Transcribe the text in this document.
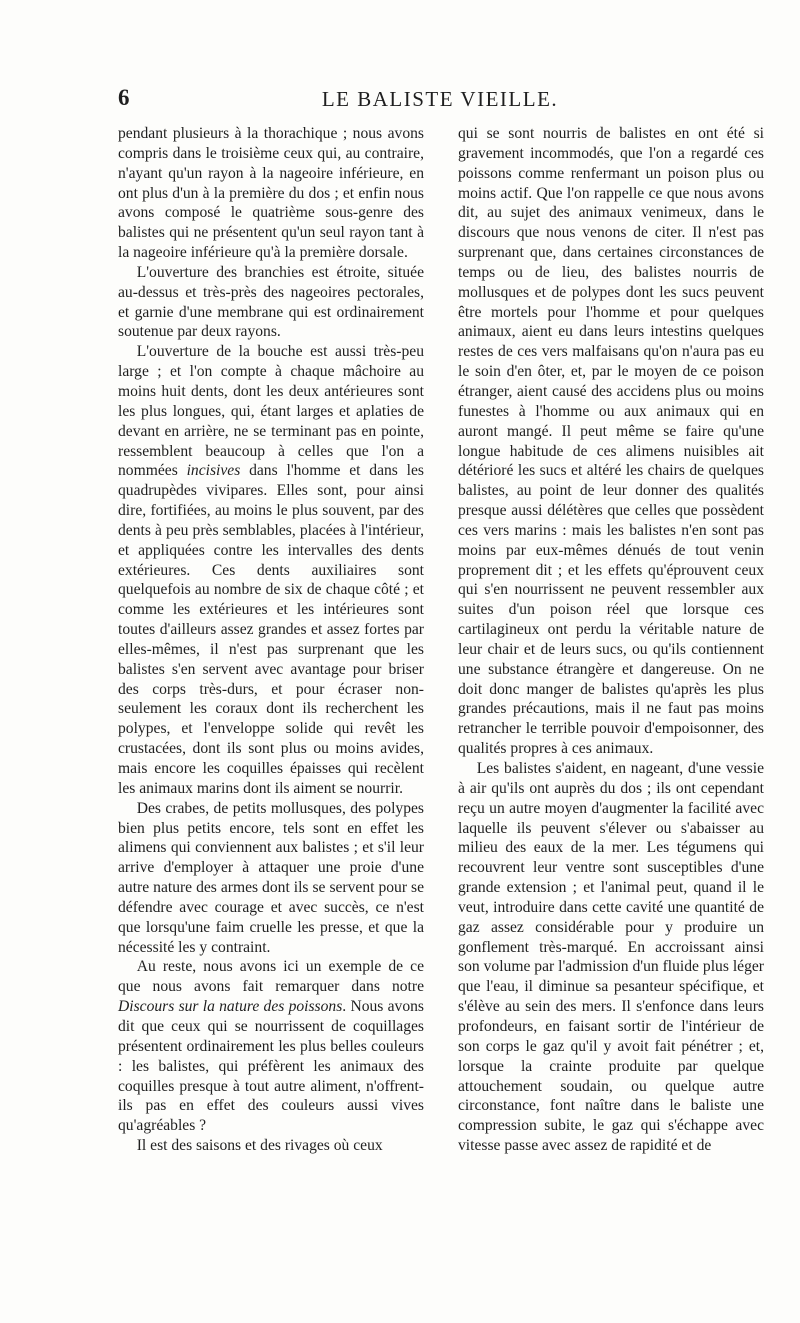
6	LE BALISTE VIEILLE.

pendant plusieurs à la thorachique ; nous avons compris dans le troisième ceux qui, au contraire, n'ayant qu'un rayon à la nageoire inférieure, en ont plus d'un à la première du dos ; et enfin nous avons composé le quatrième sous-genre des balistes qui ne présentent qu'un seul rayon tant à la nageoire inférieure qu'à la première dorsale.

L'ouverture des branchies est étroite, située au-dessus et très-près des nageoires pectorales, et garnie d'une membrane qui est ordinairement soutenue par deux rayons.

L'ouverture de la bouche est aussi très-peu large ; et l'on compte à chaque mâchoire au moins huit dents, dont les deux antérieures sont les plus longues, qui, étant larges et aplaties de devant en arrière, ne se terminant pas en pointe, ressemblent beaucoup à celles que l'on a nommées incisives dans l'homme et dans les quadrupèdes vivipares. Elles sont, pour ainsi dire, fortifiées, au moins le plus souvent, par des dents à peu près semblables, placées à l'intérieur, et appliquées contre les intervalles des dents extérieures. Ces dents auxiliaires sont quelquefois au nombre de six de chaque côté ; et comme les extérieures et les intérieures sont toutes d'ailleurs assez grandes et assez fortes par elles-mêmes, il n'est pas surprenant que les balistes s'en servent avec avantage pour briser des corps très-durs, et pour écraser non-seulement les coraux dont ils recherchent les polypes, et l'enveloppe solide qui revêt les crustacées, dont ils sont plus ou moins avides, mais encore les coquilles épaisses qui recèlent les animaux marins dont ils aiment se nourrir.

Des crabes, de petits mollusques, des polypes bien plus petits encore, tels sont en effet les alimens qui conviennent aux balistes ; et s'il leur arrive d'employer à attaquer une proie d'une autre nature des armes dont ils se servent pour se défendre avec courage et avec succès, ce n'est que lorsqu'une faim cruelle les presse, et que la nécessité les y contraint.

Au reste, nous avons ici un exemple de ce que nous avons fait remarquer dans notre Discours sur la nature des poissons. Nous avons dit que ceux qui se nourrissent de coquillages présentent ordinairement les plus belles couleurs : les balistes, qui préfèrent les animaux des coquilles presque à tout autre aliment, n'offrent-ils pas en effet des couleurs aussi vives qu'agréables ?

Il est des saisons et des rivages où ceux

qui se sont nourris de balistes en ont été si gravement incommodés, que l'on a regardé ces poissons comme renfermant un poison plus ou moins actif. Que l'on rappelle ce que nous avons dit, au sujet des animaux venimeux, dans le discours que nous venons de citer. Il n'est pas surprenant que, dans certaines circonstances de temps ou de lieu, des balistes nourris de mollusques et de polypes dont les sucs peuvent être mortels pour l'homme et pour quelques animaux, aient eu dans leurs intestins quelques restes de ces vers malfaisans qu'on n'aura pas eu le soin d'en ôter, et, par le moyen de ce poison étranger, aient causé des accidens plus ou moins funestes à l'homme ou aux animaux qui en auront mangé. Il peut même se faire qu'une longue habitude de ces alimens nuisibles ait détérioré les sucs et altéré les chairs de quelques balistes, au point de leur donner des qualités presque aussi délétères que celles que possèdent ces vers marins : mais les balistes n'en sont pas moins par eux-mêmes dénués de tout venin proprement dit ; et les effets qu'éprouvent ceux qui s'en nourrissent ne peuvent ressembler aux suites d'un poison réel que lorsque ces cartilagineux ont perdu la véritable nature de leur chair et de leurs sucs, ou qu'ils contiennent une substance étrangère et dangereuse. On ne doit donc manger de balistes qu'après les plus grandes précautions, mais il ne faut pas moins retrancher le terrible pouvoir d'empoisonner, des qualités propres à ces animaux.

Les balistes s'aident, en nageant, d'une vessie à air qu'ils ont auprès du dos ; ils ont cependant reçu un autre moyen d'augmenter la facilité avec laquelle ils peuvent s'élever ou s'abaisser au milieu des eaux de la mer. Les tégumens qui recouvrent leur ventre sont susceptibles d'une grande extension ; et l'animal peut, quand il le veut, introduire dans cette cavité une quantité de gaz assez considérable pour y produire un gonflement très-marqué. En accroissant ainsi son volume par l'admission d'un fluide plus léger que l'eau, il diminue sa pesanteur spécifique, et s'élève au sein des mers. Il s'enfonce dans leurs profondeurs, en faisant sortir de l'intérieur de son corps le gaz qu'il y avoit fait pénétrer ; et, lorsque la crainte produite par quelque attouchement soudain, ou quelque autre circonstance, font naître dans le baliste une compression subite, le gaz qui s'échappe avec vitesse passe avec assez de rapidité et de
